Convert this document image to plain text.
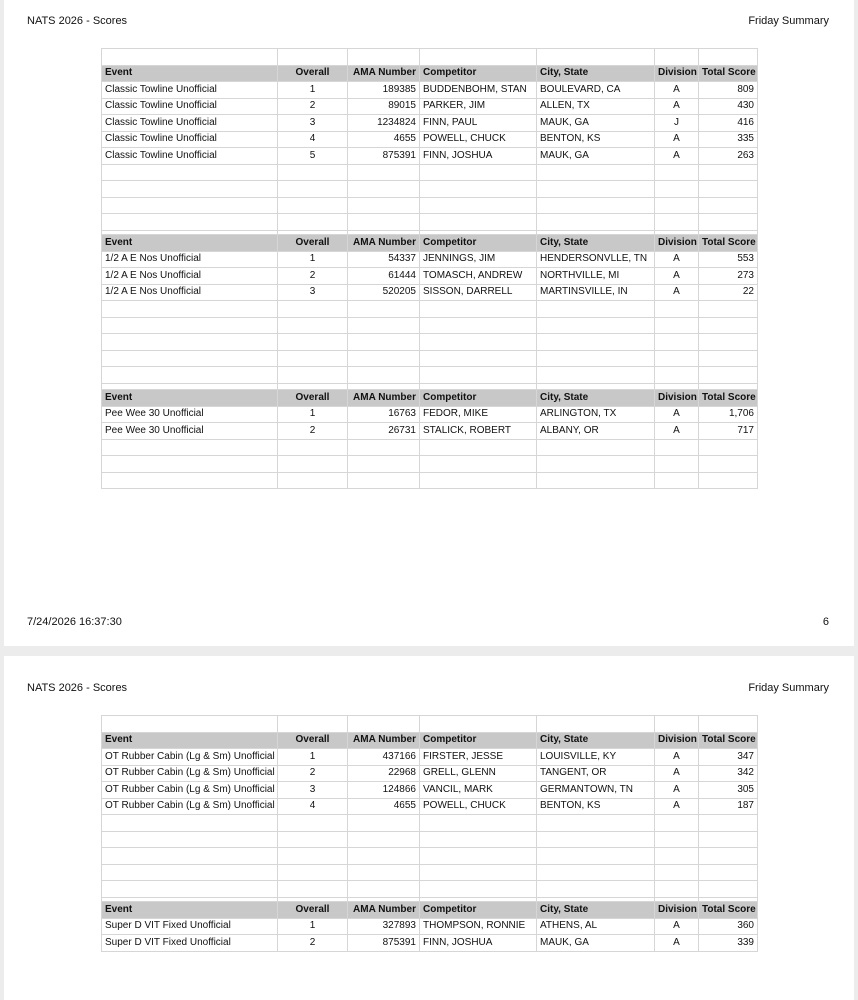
NATS 2026 - Scores	Friday Summary

Event	Overall	AMA Number	Competitor	City, State	Division	Total Score
Classic Towline Unofficial	1	189385	BUDDENBOHM, STAN	BOULEVARD, CA	A	809
Classic Towline Unofficial	2	89015	PARKER, JIM	ALLEN, TX	A	430
Classic Towline Unofficial	3	1234824	FINN, PAUL	MAUK, GA	J	416
Classic Towline Unofficial	4	4655	POWELL, CHUCK	BENTON, KS	A	335
Classic Towline Unofficial	5	875391	FINN, JOSHUA	MAUK, GA	A	263

Event	Overall	AMA Number	Competitor	City, State	Division	Total Score
1/2 A E Nos Unofficial	1	54337	JENNINGS, JIM	HENDERSONVLLE, TN	A	553
1/2 A E Nos Unofficial	2	61444	TOMASCH, ANDREW	NORTHVILLE, MI	A	273
1/2 A E Nos Unofficial	3	520205	SISSON, DARRELL	MARTINSVILLE, IN	A	22

Event	Overall	AMA Number	Competitor	City, State	Division	Total Score
Pee Wee 30 Unofficial	1	16763	FEDOR, MIKE	ARLINGTON, TX	A	1,706
Pee Wee 30 Unofficial	2	26731	STALICK, ROBERT	ALBANY, OR	A	717

7/24/2026 16:37:30	6
NATS 2026 - Scores	Friday Summary

Event	Overall	AMA Number	Competitor	City, State	Division	Total Score
OT Rubber Cabin (Lg & Sm) Unofficial	1	437166	FIRSTER, JESSE	LOUISVILLE, KY	A	347
OT Rubber Cabin (Lg & Sm) Unofficial	2	22968	GRELL, GLENN	TANGENT, OR	A	342
OT Rubber Cabin (Lg & Sm) Unofficial	3	124866	VANCIL, MARK	GERMANTOWN, TN	A	305
OT Rubber Cabin (Lg & Sm) Unofficial	4	4655	POWELL, CHUCK	BENTON, KS	A	187

Event	Overall	AMA Number	Competitor	City, State	Division	Total Score
Super D VIT Fixed Unofficial	1	327893	THOMPSON, RONNIE	ATHENS, AL	A	360
Super D VIT Fixed Unofficial	2	875391	FINN, JOSHUA	MAUK, GA	A	339
